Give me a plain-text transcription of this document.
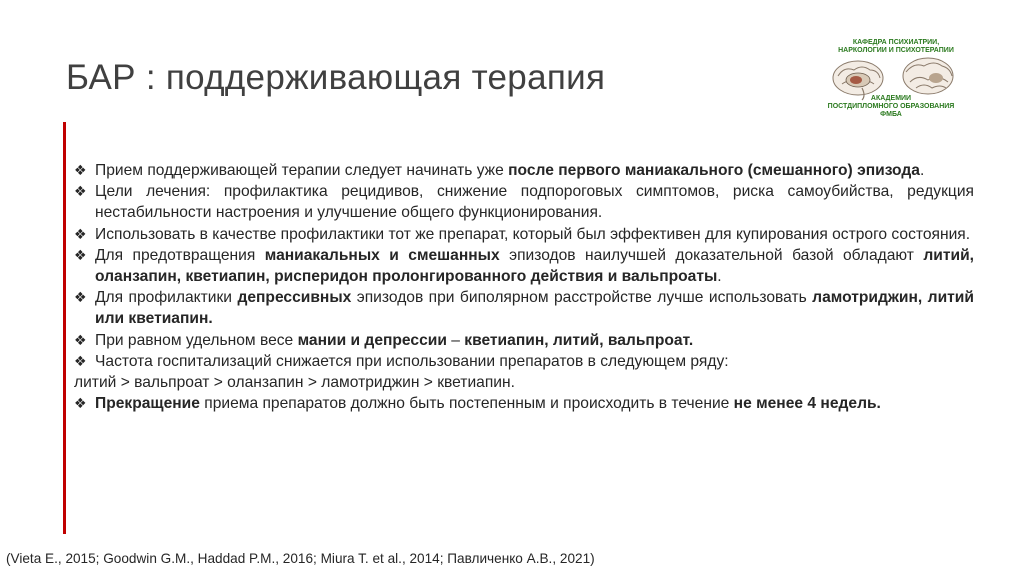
БАР : поддерживающая терапия
КАФЕДРА ПСИХИАТРИИ, НАРКОЛОГИИ И ПСИХОТЕРАПИИ
АКАДЕМИИ
ПОСТДИПЛОМНОГО ОБРАЗОВАНИЯ
ФМБА
❖ Прием поддерживающей терапии следует начинать уже после первого маниакального (смешанного) эпизода.
❖ Цели лечения: профилактика рецидивов, снижение подпороговых симптомов, риска самоубийства, редукция нестабильности настроения и улучшение общего функционирования.
❖ Использовать в качестве профилактики тот же препарат, который был эффективен для купирования острого состояния.
❖ Для предотвращения маниакальных и смешанных эпизодов наилучшей доказательной базой обладают литий, оланзапин, кветиапин, рисперидон пролонгированного действия и вальпроаты.
❖ Для профилактики депрессивных эпизодов при биполярном расстройстве лучше использовать ламотриджин, литий или кветиапин.
❖ При равном удельном весе мании и депрессии – кветиапин, литий, вальпроат.
❖ Частота госпитализаций снижается при использовании препаратов в следующем ряду:
литий > вальпроат > оланзапин > ламотриджин > кветиапин.
❖ Прекращение приема препаратов должно быть постепенным и происходить в течение не менее 4 недель.
(Vieta E., 2015; Goodwin G.M., Haddad P.M., 2016; Miura T. et al., 2014; Павличенко А.В., 2021)
